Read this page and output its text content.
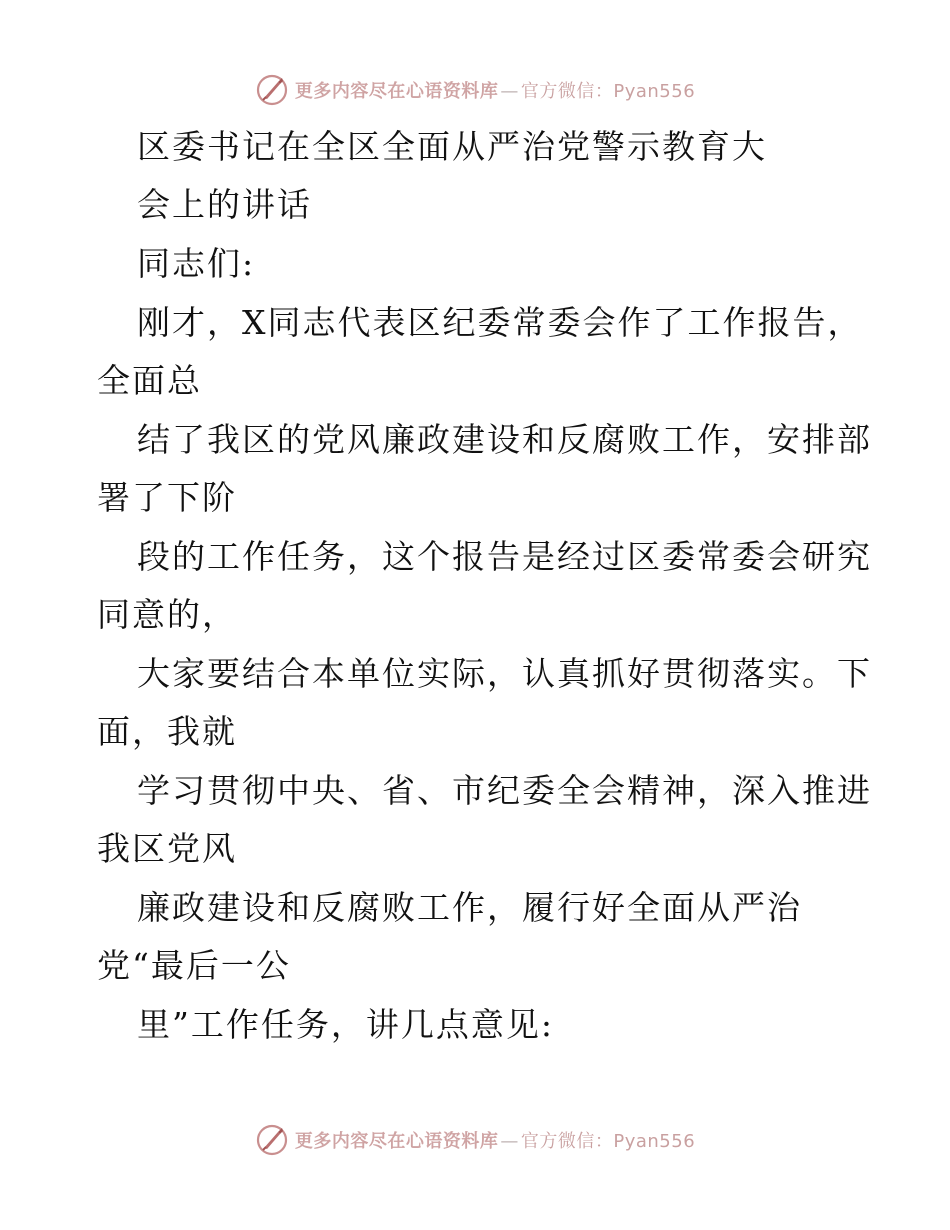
更多内容尽在心语资料库 — 官方微信：Pyan556
区委书记在全区全面从严治党警示教育大
会上的讲话
同志们:
刚才，X同志代表区纪委常委会作了工作报告，
全面总
结了我区的党风廉政建设和反腐败工作，安排部
署了下阶
段的工作任务，这个报告是经过区委常委会研究
同意的，
大家要结合本单位实际，认真抓好贯彻落实。下
面，我就
学习贯彻中央、省、市纪委全会精神，深入推进
我区党风
廉政建设和反腐败工作，履行好全面从严治
党“最后一公
里”工作任务，讲几点意见:
更多内容尽在心语资料库 — 官方微信：Pyan556
